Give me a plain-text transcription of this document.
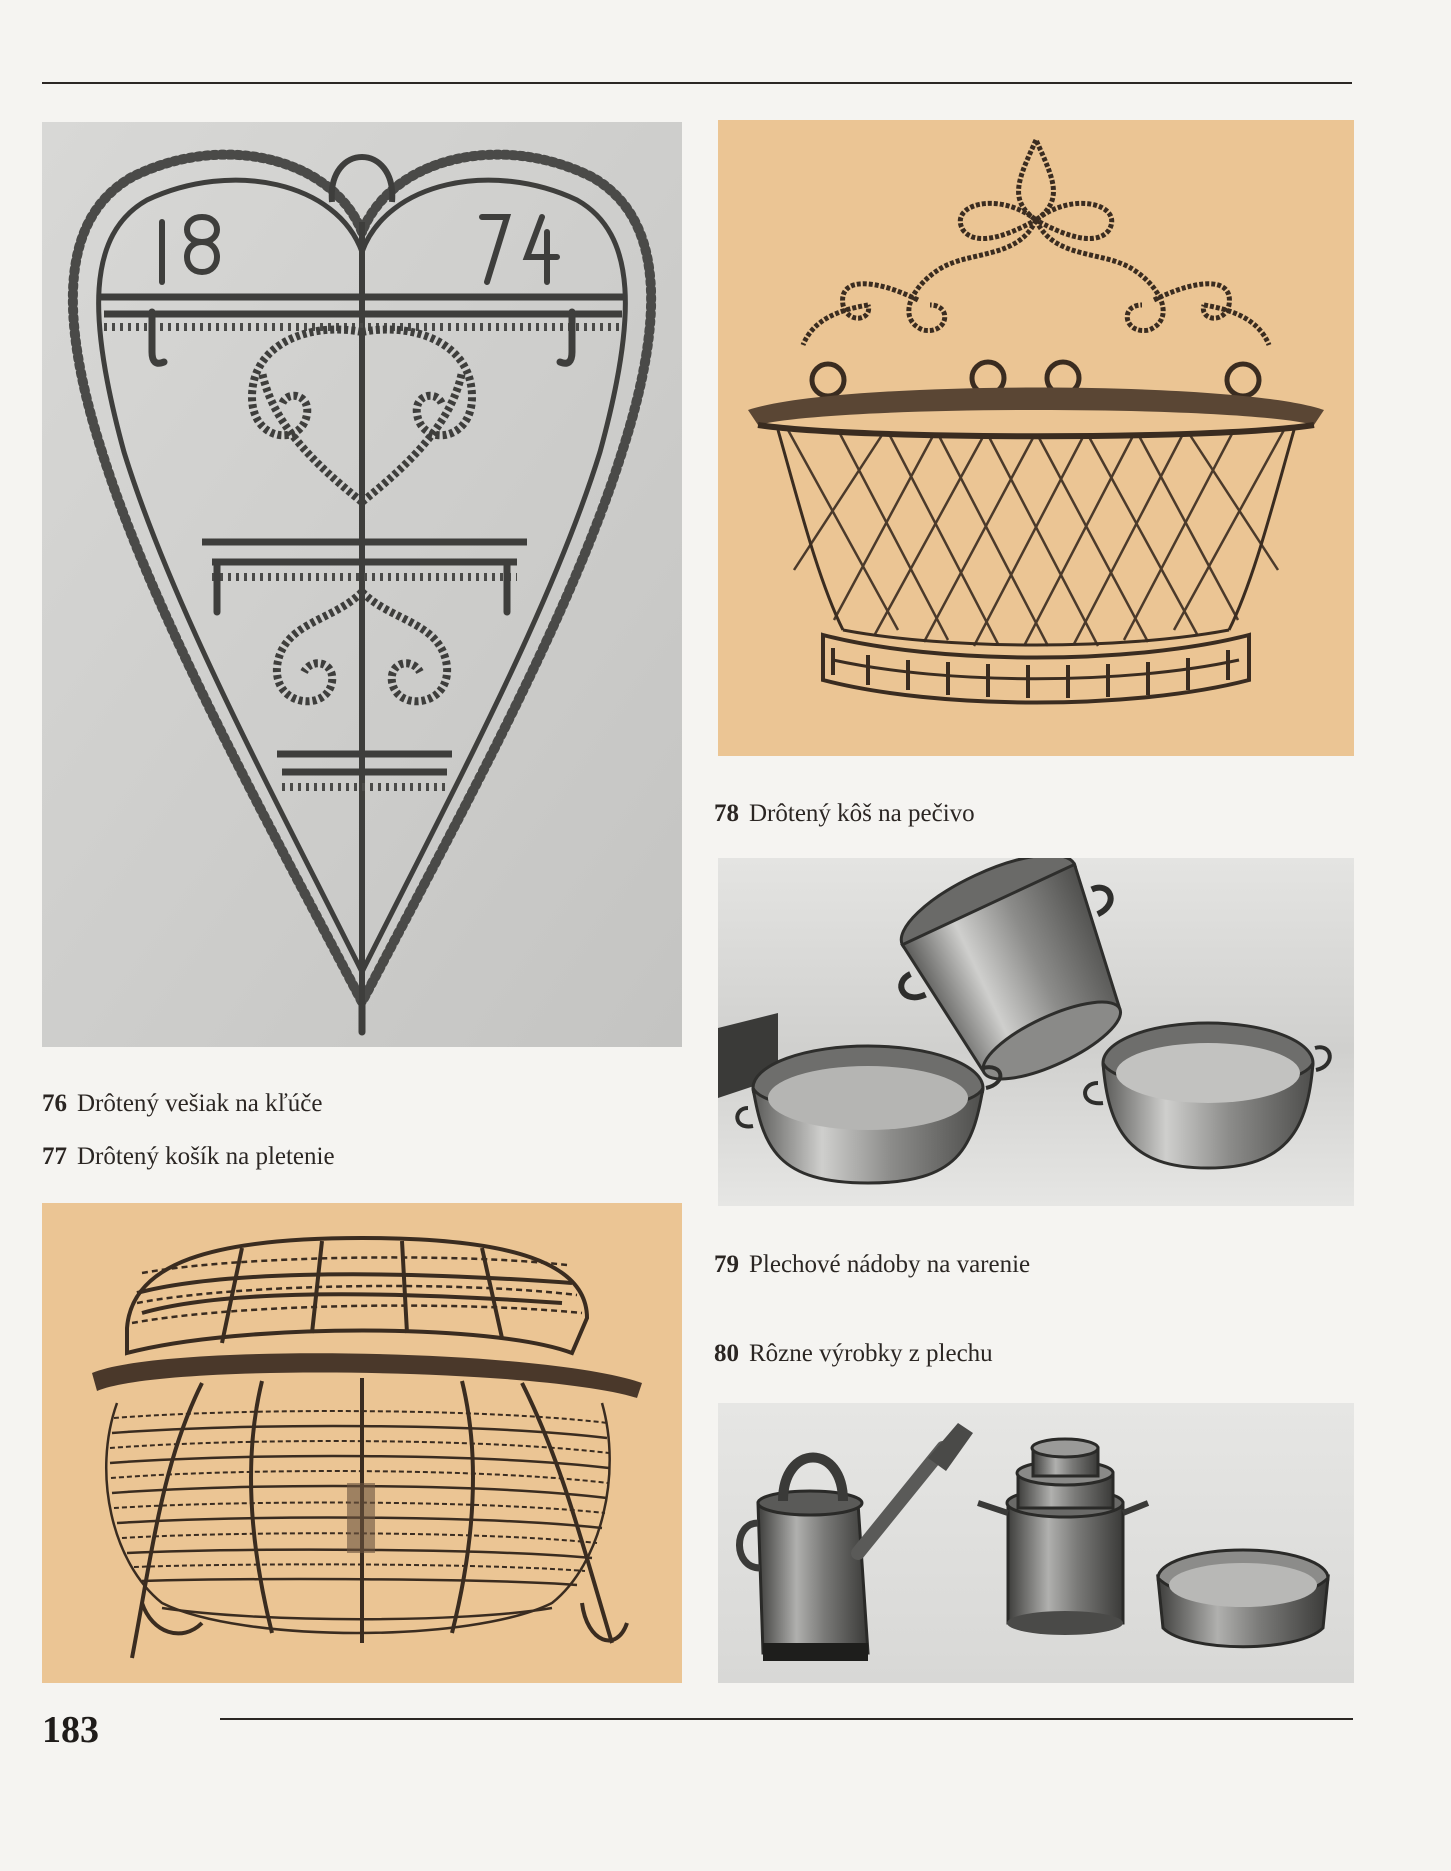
78 Drôtený kôš na pečivo
76 Drôtený vešiak na kľúče
77 Drôtený košík na pletenie
79 Plechové nádoby na varenie
80 Rôzne výrobky z plechu
183
